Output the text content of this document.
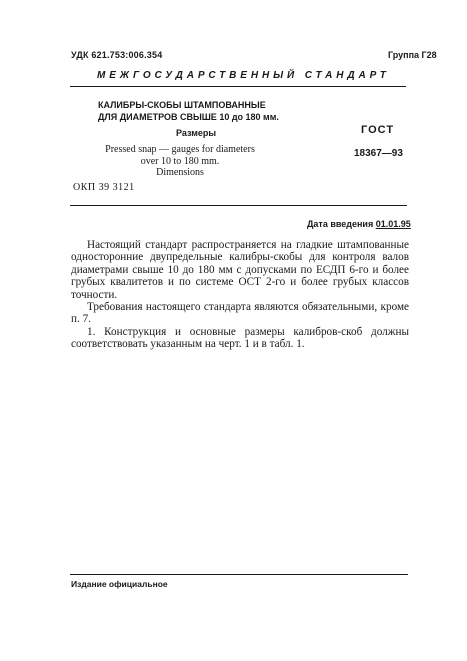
УДК 621.753:006.354	Группа Г28
МЕЖГОСУДАРСТВЕННЫЙ СТАНДАРТ
КАЛИБРЫ-СКОБЫ ШТАМПОВАННЫЕ
ДЛЯ ДИАМЕТРОВ СВЫШЕ 10 до 180 мм.
Размеры
Pressed snap — gauges for diameters
over 10 to 180 mm.
Dimensions
ГОСТ
18367—93
ОКП 39 3121
Дата введения 01.01.95

Настоящий стандарт распространяется на гладкие штампованные односторонние двупредельные калибры-скобы для контроля валов диаметрами свыше 10 до 180 мм с допусками по ЕСДП 6-го и более грубых квалитетов и по системе ОСТ 2-го и более грубых классов точности.

Требования настоящего стандарта являются обязательными, кроме п. 7.

1. Конструкция и основные размеры калибров-скоб должны соответствовать указанным на черт. 1 и в табл. 1.

Издание официальное
